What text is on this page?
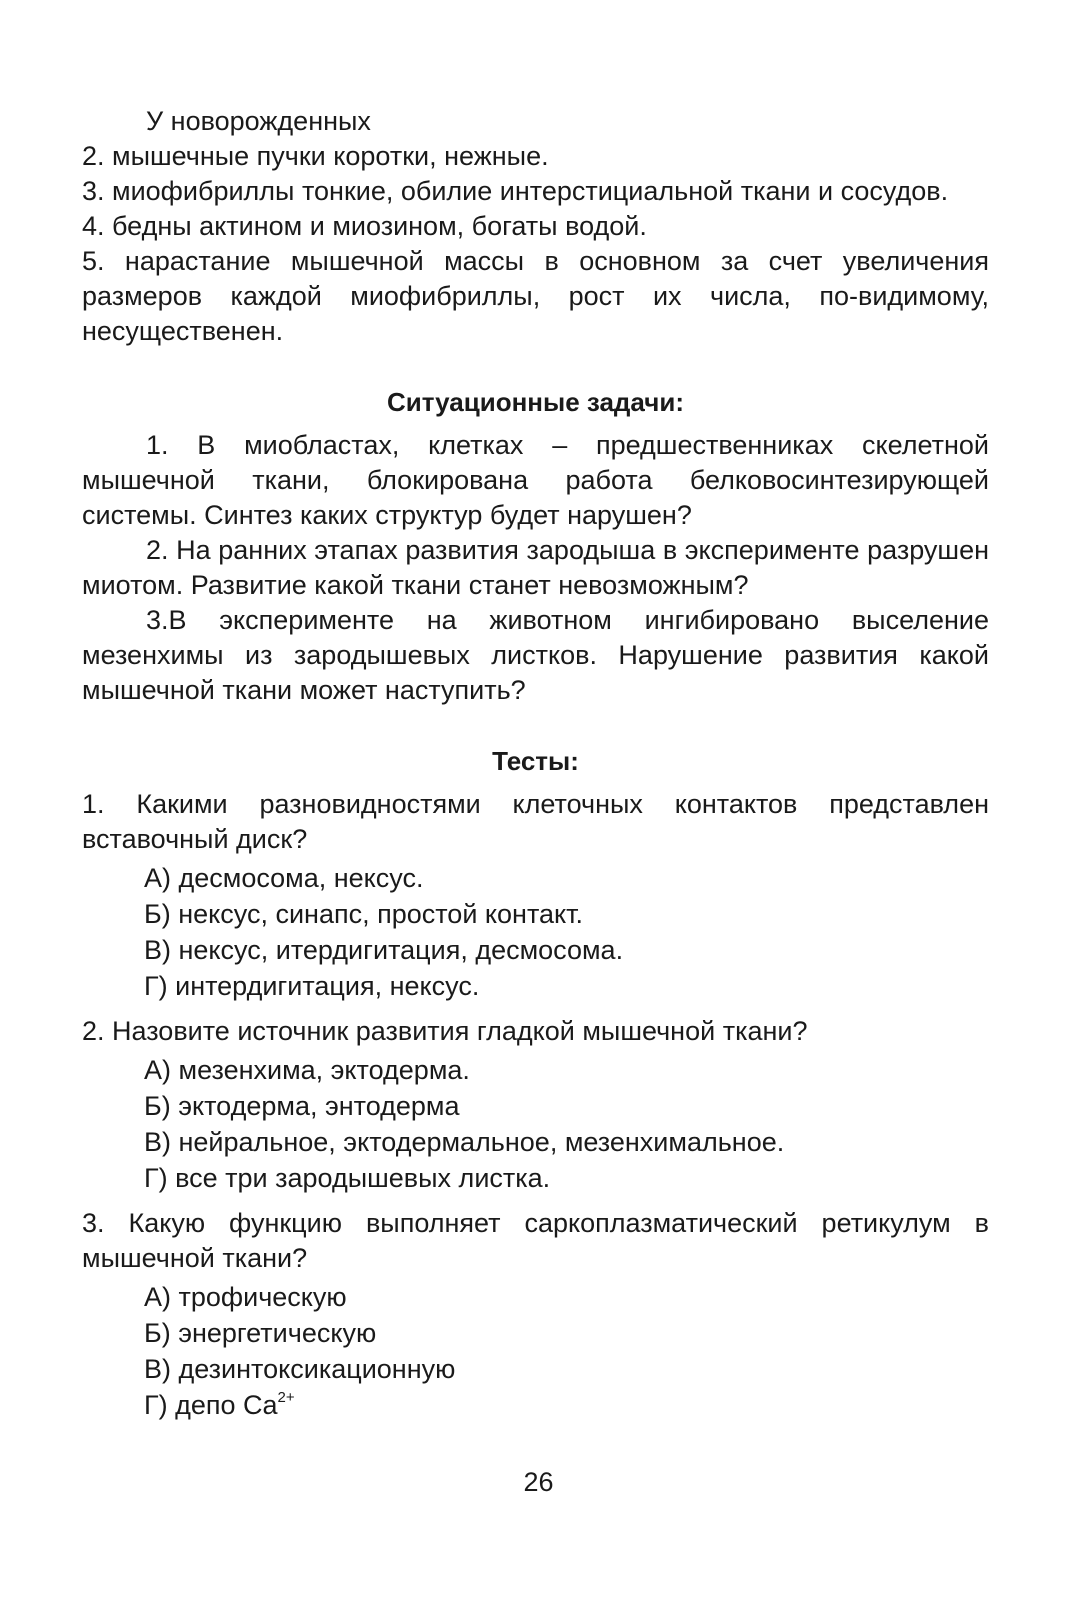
У новорожденных

2. мышечные пучки коротки, нежные.

3. миофибриллы тонкие, обилие интерстициальной ткани и сосудов.

4. бедны актином и миозином, богаты водой.

5. нарастание мышечной массы в основном за счет увеличения размеров каждой миофибриллы, рост их числа, по-видимому, несущественен.

Ситуационные задачи:

1. В миобластах, клетках – предшественниках скелетной мышечной ткани, блокирована работа белковосинтезирующей системы. Синтез каких структур будет нарушен?

2. На ранних этапах развития зародыша в эксперименте разрушен миотом. Развитие какой ткани станет невозможным?

3.В эксперименте на животном ингибировано выселение мезенхимы из зародышевых листков. Нарушение развития какой мышечной ткани может наступить?

Тесты:

1. Какими разновидностями клеточных контактов представлен вставочный диск?

А) десмосома, нексус.
Б) нексус, синапс, простой контакт.
В) нексус, итердигитация, десмосома.
Г) интердигитация, нексус.

2. Назовите источник развития гладкой мышечной ткани?

А) мезенхима, эктодерма.
Б) эктодерма, энтодерма
В) нейральное, эктодермальное, мезенхимальное.
Г) все три зародышевых листка.

3. Какую функцию выполняет саркоплазматический ретикулум в мышечной ткани?

А) трофическую
Б) энергетическую
В) дезинтоксикационную
Г) депо $Ca^{2+}$
26
